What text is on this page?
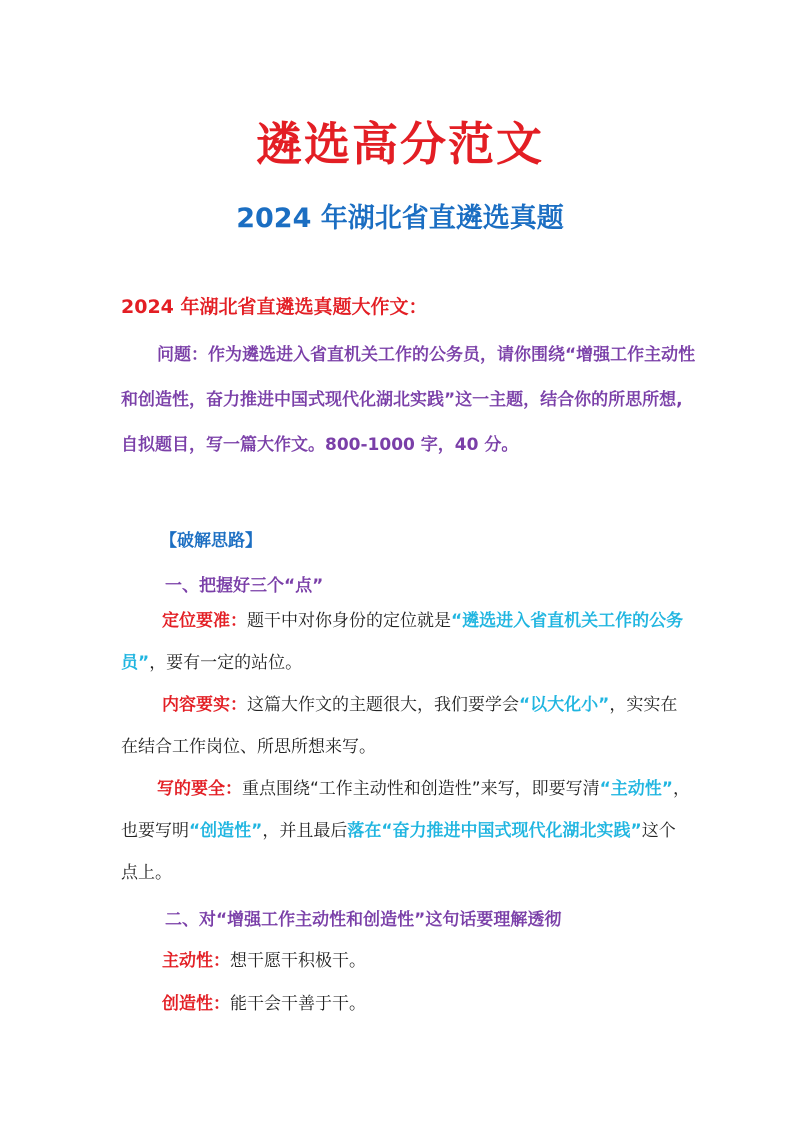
遴选高分范文
2024 年湖北省直遴选真题
2024 年湖北省直遴选真题大作文：

问题：作为遴选进入省直机关工作的公务员，请你围绕“增强工作主动性和创造性，奋力推进中国式现代化湖北实践”这一主题，结合你的所思所想,自拟题目，写一篇大作文。800-1000 字，40 分。

【破解思路】
一、把握好三个“点”

定位要准：题干中对你身份的定位就是“遴选进入省直机关工作的公务员”，要有一定的站位。

内容要实：这篇大作文的主题很大，我们要学会“以大化小”，实实在在结合工作岗位、所思所想来写。

写的要全：重点围绕“工作主动性和创造性”来写，即要写清“主动性”，也要写明“创造性”，并且最后落在“奋力推进中国式现代化湖北实践”这个点上。

二、对“增强工作主动性和创造性”这句话要理解透彻
主动性：想干愿干积极干。
创造性：能干会干善于干。
